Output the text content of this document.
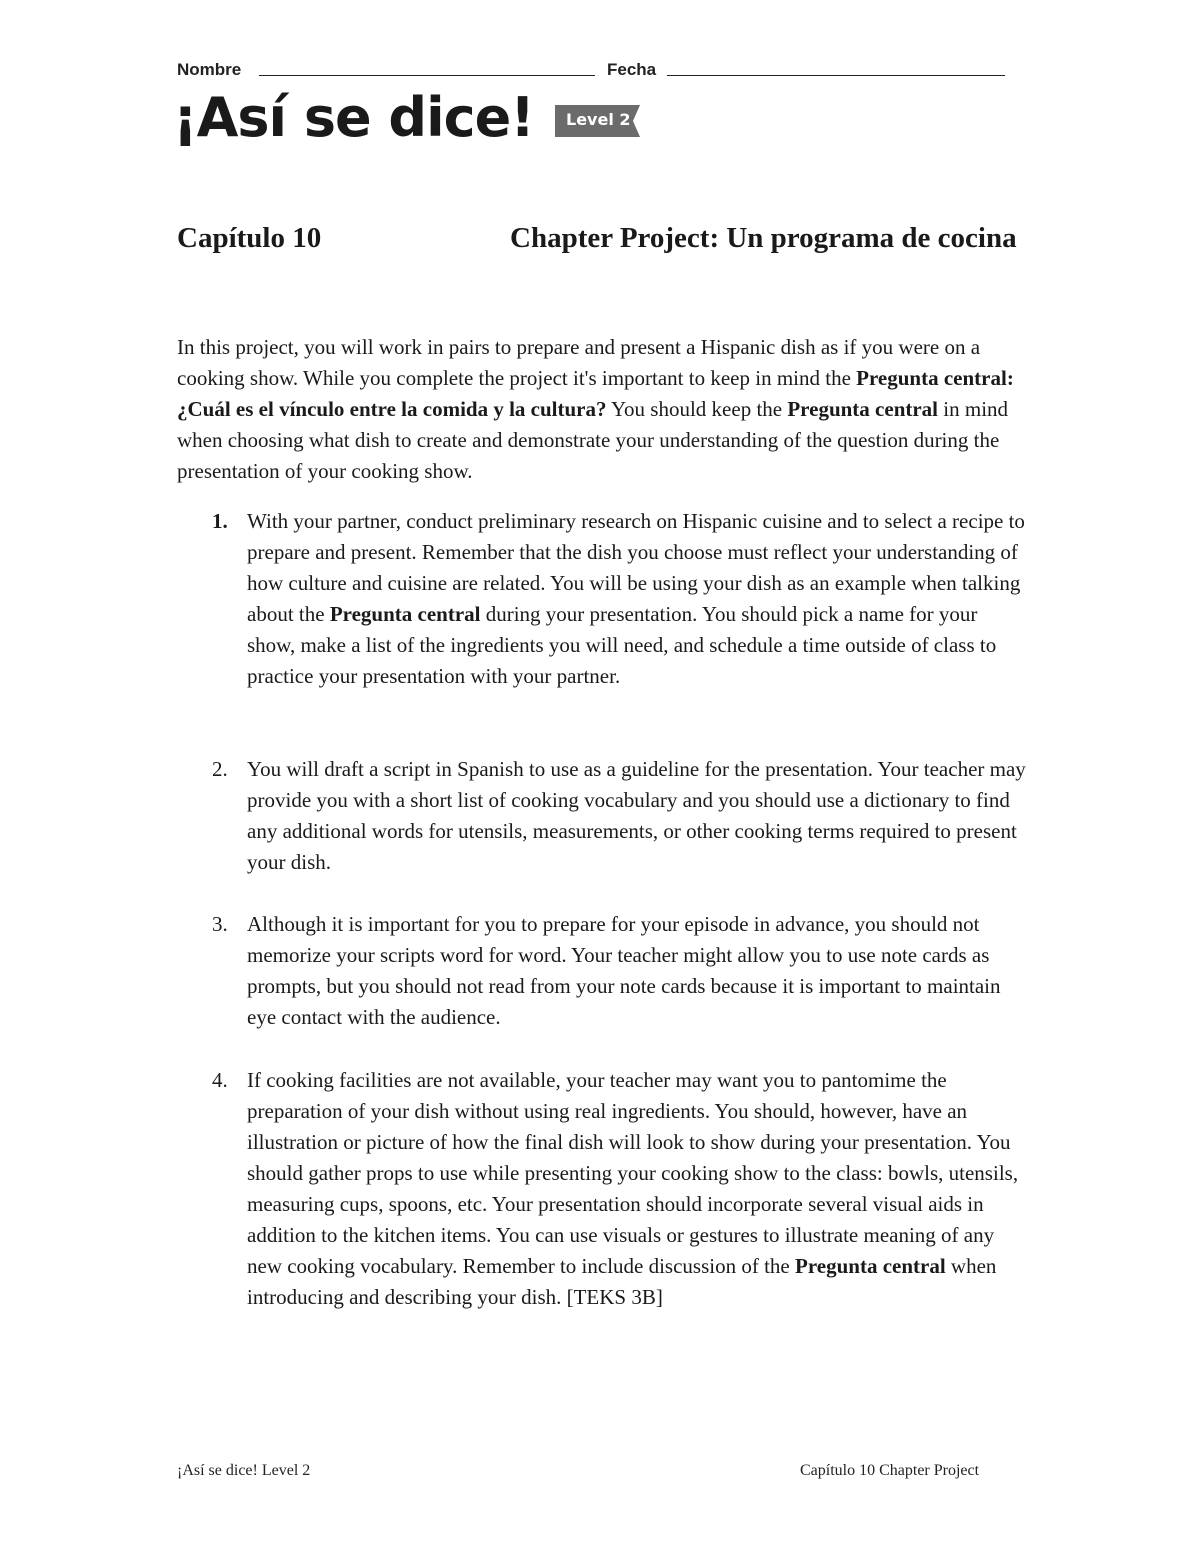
Nombre	Fecha
¡Así se dice! Level 2
Capítulo 10	Chapter Project: Un programa de cocina

In this project, you will work in pairs to prepare and present a Hispanic dish as if you were on a cooking show. While you complete the project it's important to keep in mind the Pregunta central: ¿Cuál es el vínculo entre la comida y la cultura? You should keep the Pregunta central in mind when choosing what dish to create and demonstrate your understanding of the question during the presentation of your cooking show.

1. With your partner, conduct preliminary research on Hispanic cuisine and to select a recipe to prepare and present. Remember that the dish you choose must reflect your understanding of how culture and cuisine are related. You will be using your dish as an example when talking about the Pregunta central during your presentation. You should pick a name for your show, make a list of the ingredients you will need, and schedule a time outside of class to practice your presentation with your partner.

2. You will draft a script in Spanish to use as a guideline for the presentation. Your teacher may provide you with a short list of cooking vocabulary and you should use a dictionary to find any additional words for utensils, measurements, or other cooking terms required to present your dish.

3. Although it is important for you to prepare for your episode in advance, you should not memorize your scripts word for word. Your teacher might allow you to use note cards as prompts, but you should not read from your note cards because it is important to maintain eye contact with the audience.

4. If cooking facilities are not available, your teacher may want you to pantomime the preparation of your dish without using real ingredients. You should, however, have an illustration or picture of how the final dish will look to show during your presentation. You should gather props to use while presenting your cooking show to the class: bowls, utensils, measuring cups, spoons, etc. Your presentation should incorporate several visual aids in addition to the kitchen items. You can use visuals or gestures to illustrate meaning of any new cooking vocabulary. Remember to include discussion of the Pregunta central when introducing and describing your dish. [TEKS 3B]

¡Así se dice! Level 2	Capítulo 10 Chapter Project
